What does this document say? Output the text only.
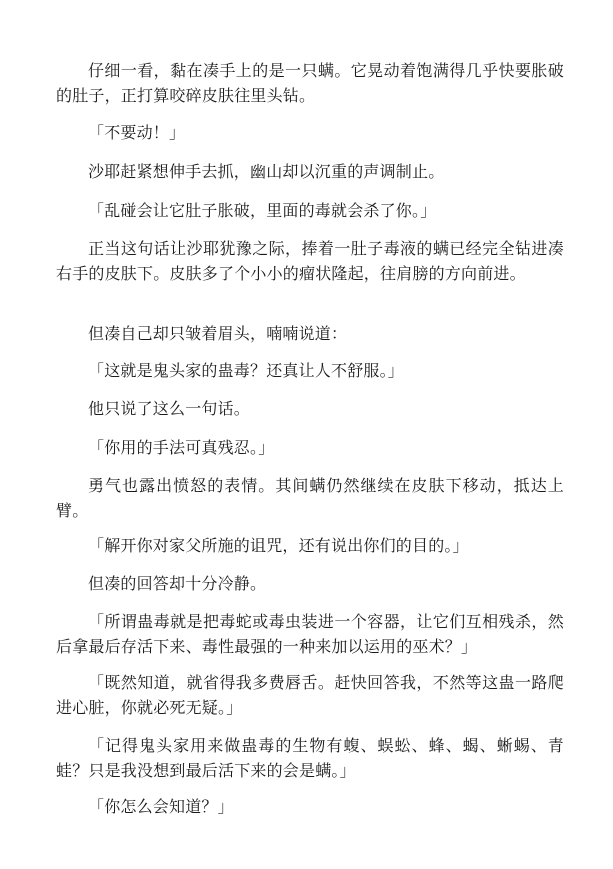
仔细一看，黏在凑手上的是一只螨。它晃动着饱满得几乎快要胀破的肚子，正打算咬碎皮肤往里头钻。

「不要动！」

沙耶赶紧想伸手去抓，幽山却以沉重的声调制止。

「乱碰会让它肚子胀破，里面的毒就会杀了你。」

正当这句话让沙耶犹豫之际，捧着一肚子毒液的螨已经完全钻进凑右手的皮肤下。皮肤多了个小小的瘤状隆起，往肩膀的方向前进。

但凑自己却只皱着眉头，喃喃说道：

「这就是鬼头家的蛊毒？还真让人不舒服。」

他只说了这么一句话。

「你用的手法可真残忍。」

勇气也露出愤怒的表情。其间螨仍然继续在皮肤下移动，抵达上臂。

「解开你对家父所施的诅咒，还有说出你们的目的。」

但凑的回答却十分冷静。

「所谓蛊毒就是把毒蛇或毒虫装进一个容器，让它们互相残杀，然后拿最后存活下来、毒性最强的一种来加以运用的巫术？」

「既然知道，就省得我多费唇舌。赶快回答我，不然等这蛊一路爬进心脏，你就必死无疑。」

「记得鬼头家用来做蛊毒的生物有蝮、蜈蚣、蜂、蝎、蜥蜴、青蛙？只是我没想到最后活下来的会是螨。」

「你怎么会知道？」
